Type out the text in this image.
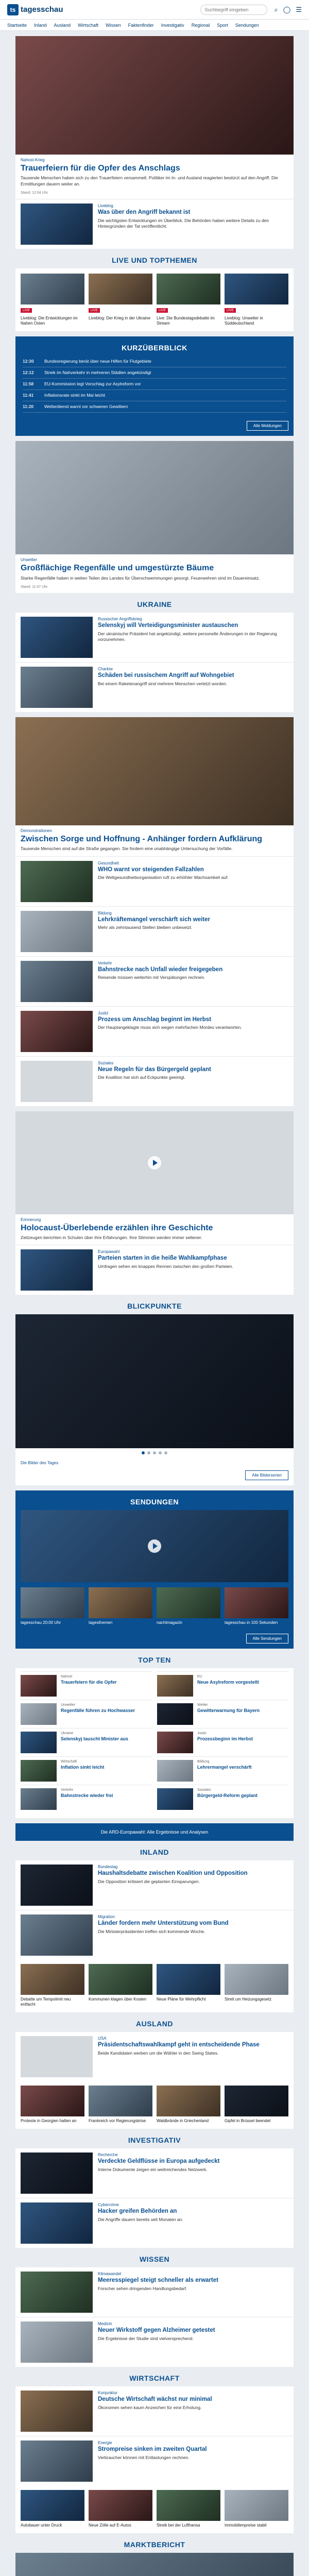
ts tagesschau	Suchbegriff eingeben	⌕ ◯ ☰
Startseite Inland Ausland Wirtschaft Wissen Faktenfinder Investigativ Regional Sport Sendungen
Nahost-Krieg
Trauerfeiern für die Opfer des Anschlags
Tausende Menschen haben sich zu den Trauerfeiern versammelt. Politiker im In- und Ausland reagierten bestürzt auf den Angriff. Die Ermittlungen dauern weiter an.
Stand: 12:04 Uhr
Liveblog
Was über den Angriff bekannt ist
Die wichtigsten Entwicklungen im Überblick. Die Behörden haben weitere Details zu den Hintergründen der Tat veröffentlicht.
LIVE UND TOPTHEMEN
LIVE
Liveblog: Die Entwicklungen im Nahen Osten
LIVE
Liveblog: Der Krieg in der Ukraine
LIVE
Live: Die Bundestagsdebatte im Stream
LIVE
Liveblog: Unwetter in Süddeutschland
KURZÜBERBLICK
12:30	Bundesregierung berät über neue Hilfen für Flutgebiete
12:12	Streik im Nahverkehr in mehreren Städten angekündigt
11:58	EU-Kommission legt Vorschlag zur Asylreform vor
11:41	Inflationsrate sinkt im Mai leicht
11:20	Wetterdienst warnt vor schweren Gewittern
Alle Meldungen
Unwetter
Großflächige Regenfälle und umgestürzte Bäume
Starke Regenfälle haben in weiten Teilen des Landes für Überschwemmungen gesorgt. Feuerwehren sind im Dauereinsatz.
Stand: 11:47 Uhr
UKRAINE
Russischer Angriffskrieg
Selenskyj will Verteidigungsminister austauschen
Der ukrainische Präsident hat angekündigt, weitere personelle Änderungen in der Regierung vorzunehmen.
Charkiw
Schäden bei russischem Angriff auf Wohngebiet
Bei einem Raketenangriff sind mehrere Menschen verletzt worden.
Demonstrationen
Zwischen Sorge und Hoffnung - Anhänger fordern Aufklärung
Tausende Menschen sind auf die Straße gegangen. Sie fordern eine unabhängige Untersuchung der Vorfälle.
Gesundheit
WHO warnt vor steigenden Fallzahlen
Die Weltgesundheitsorganisation ruft zu erhöhter Wachsamkeit auf.
Bildung
Lehrkräftemangel verschärft sich weiter
Mehr als zehntausend Stellen bleiben unbesetzt.
Verkehr
Bahnstrecke nach Unfall wieder freigegeben
Reisende müssen weiterhin mit Verspätungen rechnen.
Justiz
Prozess um Anschlag beginnt im Herbst
Der Hauptangeklagte muss sich wegen mehrfachen Mordes verantworten.
Soziales
Neue Regeln für das Bürgergeld geplant
Die Koalition hat sich auf Eckpunkte geeinigt.
Erinnerung
Holocaust-Überlebende erzählen ihre Geschichte
Zeitzeugen berichten in Schulen über ihre Erfahrungen. Ihre Stimmen werden immer seltener.
Europawahl
Parteien starten in die heiße Wahlkampfphase
Umfragen sehen ein knappes Rennen zwischen den großen Parteien.
BLICKPUNKTE
Die Bilder des Tages
Alle Bilderserien
SENDUNGEN
tagesschau 20:00 Uhr	tagesthemen	nachtmagazin	tagesschau in 100 Sekunden
Alle Sendungen
TOP TEN
Nahost
Trauerfeiern für die Opfer
Unwetter
Regenfälle führen zu Hochwasser
Ukraine
Selenskyj tauscht Minister aus
Wirtschaft
Inflation sinkt leicht
Verkehr
Bahnstrecke wieder frei
EU
Neue Asylreform vorgestellt
Wetter
Gewitterwarnung für Bayern
Justiz
Prozessbeginn im Herbst
Bildung
Lehrermangel verschärft
Soziales
Bürgergeld-Reform geplant
Die ARD-Europawahl: Alle Ergebnisse und Analysen
INLAND
Bundestag
Haushaltsdebatte zwischen Koalition und Opposition
Die Opposition kritisiert die geplanten Einsparungen.
Migration
Länder fordern mehr Unterstützung vom Bund
Die Ministerpräsidenten treffen sich kommende Woche.
Debatte um Tempolimit neu entfacht
Kommunen klagen über Kosten	Neue Pläne für Wehrpflicht	Streit um Heizungsgesetz
AUSLAND
USA
Präsidentschaftswahlkampf geht in entscheidende Phase
Beide Kandidaten werben um die Wähler in den Swing States.
Proteste in Georgien halten an	Frankreich vor Regierungskrise	Waldbrände in Griechenland	Gipfel in Brüssel beendet
INVESTIGATIV
Recherche
Verdeckte Geldflüsse in Europa aufgedeckt
Interne Dokumente zeigen ein weitreichendes Netzwerk.
Cybercrime
Hacker greifen Behörden an
Die Angriffe dauern bereits seit Monaten an.
WISSEN
Klimawandel
Meeresspiegel steigt schneller als erwartet
Forscher sehen dringenden Handlungsbedarf.
Medizin
Neuer Wirkstoff gegen Alzheimer getestet
Die Ergebnisse der Studie sind vielversprechend.
WIRTSCHAFT
Konjunktur
Deutsche Wirtschaft wächst nur minimal
Ökonomen sehen kaum Anzeichen für eine Erholung.
Energie
Strompreise sinken im zweiten Quartal
Verbraucher können mit Entlastungen rechnen.
Autobauer unter Druck	Neue Zölle auf E-Autos	Streik bei der Lufthansa	Immobilienpreise stabil
MARKTBERICHT
